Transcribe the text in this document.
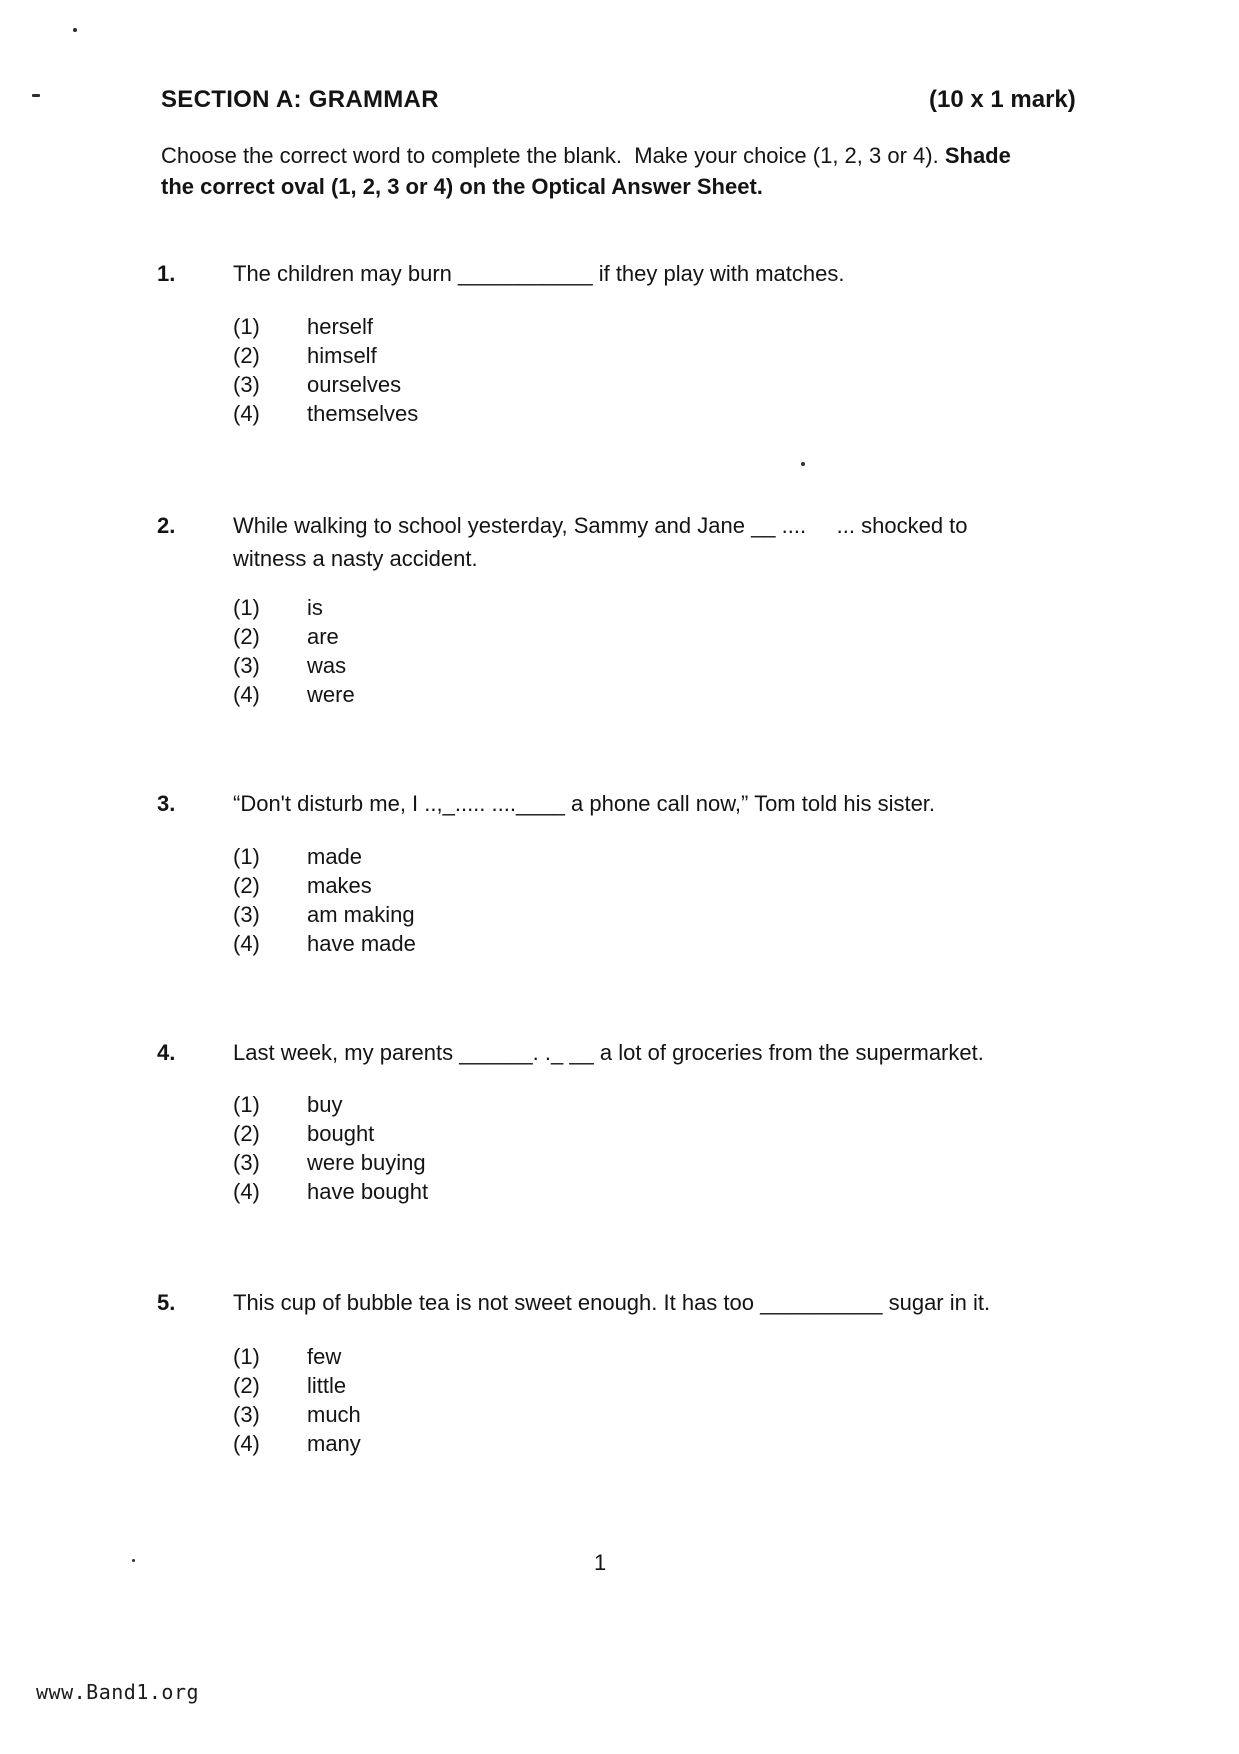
SECTION A: GRAMMAR	(10 x 1 mark)
Choose the correct word to complete the blank.  Make your choice (1, 2, 3 or 4). Shade
the correct oval (1, 2, 3 or 4) on the Optical Answer Sheet.
1.	The children may burn ___________ if they play with matches.
(1) herself
(2) himself
(3) ourselves
(4) themselves
2.	While walking to school yesterday, Sammy and Jane __ ....     ... shocked to
witness a nasty accident.
(1) is
(2) are
(3) was
(4) were
3.	“Don't disturb me, I ..,_..... ....____ a phone call now,” Tom told his sister.
(1) made
(2) makes
(3) am making
(4) have made
4.	Last week, my parents ______. ._ __ a lot of groceries from the supermarket.
(1) buy
(2) bought
(3) were buying
(4) have bought
5.	This cup of bubble tea is not sweet enough. It has too __________ sugar in it.
(1) few
(2) little
(3) much
(4) many
1
www.Band1.org
